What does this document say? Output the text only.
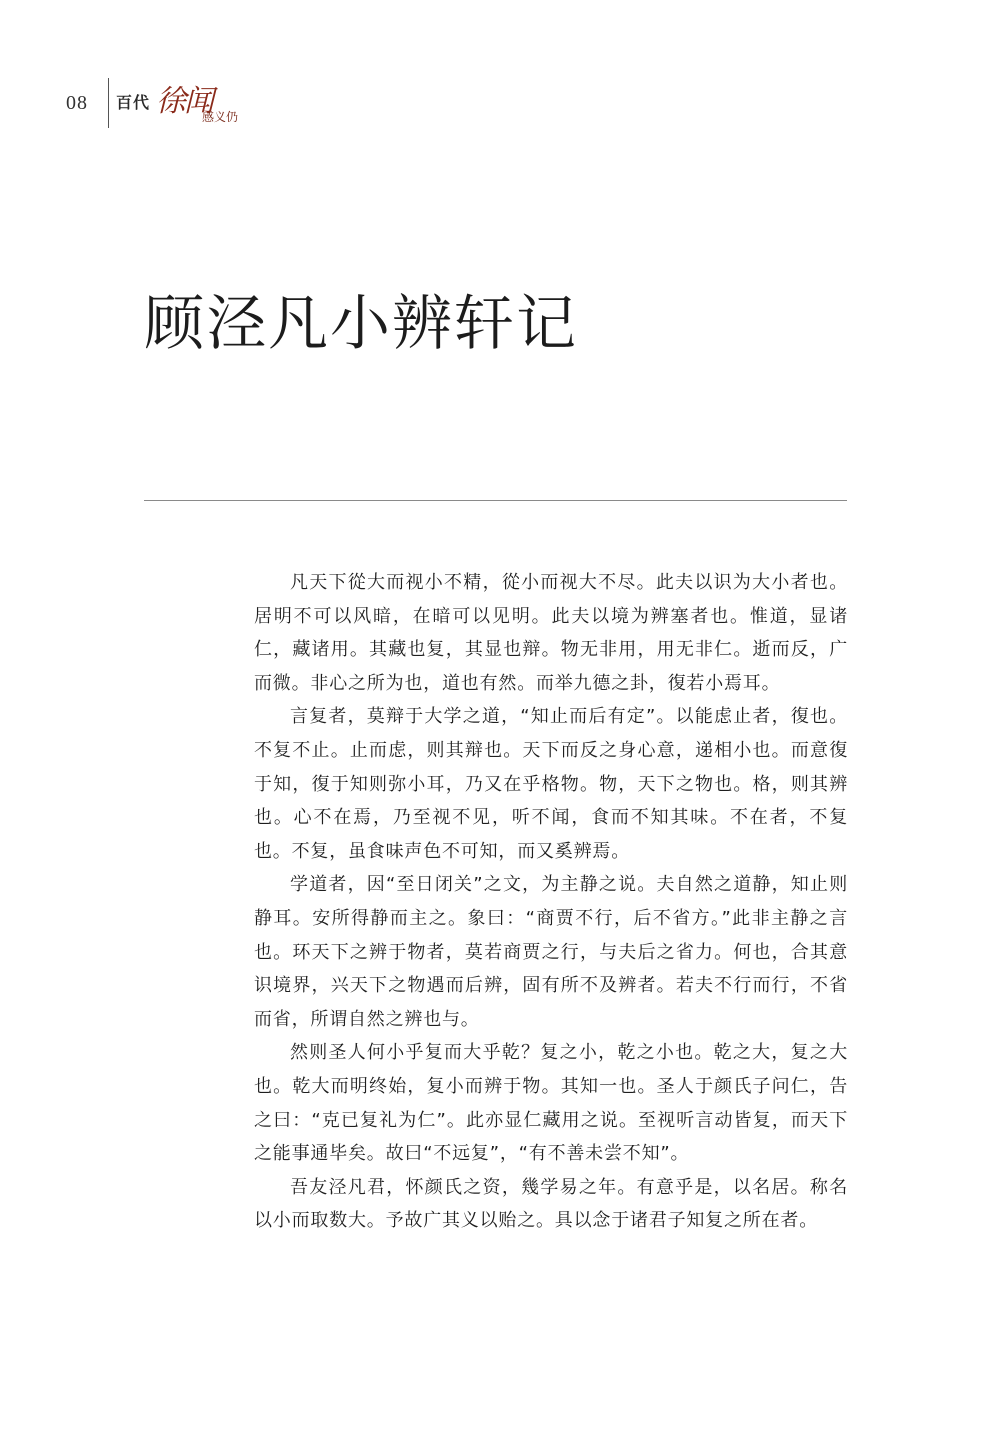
08 百代 徐闻
感义仍
顾泾凡小辨轩记

凡天下從大而视小不精，從小而视大不尽。此夫以识为大小者也。居明不可以风暗，在暗可以见明。此夫以境为辨塞者也。惟道，显诸仁，藏诸用。其藏也复，其显也辩。物无非用，用无非仁。逝而反，广而微。非心之所为也，道也有然。而举九德之卦，復若小焉耳。

言复者，莫辩于大学之道，“知止而后有定”。以能虑止者，復也。不复不止。止而虑，则其辩也。天下而反之身心意，递相小也。而意復于知，復于知则弥小耳，乃又在乎格物。物，天下之物也。格，则其辨也。心不在焉，乃至视不见，听不闻，食而不知其味。不在者，不复也。不复，虽食味声色不可知，而又奚辨焉。

学道者，因“至日闭关”之文，为主静之说。夫自然之道静，知止则静耳。安所得静而主之。象曰：“商贾不行，后不省方。”此非主静之言也。环天下之辨于物者，莫若商贾之行，与夫后之省力。何也，合其意识境界，兴天下之物遇而后辨，固有所不及辨者。若夫不行而行，不省而省，所谓自然之辨也与。

然则圣人何小乎复而大乎乾？复之小，乾之小也。乾之大，复之大也。乾大而明终始，复小而辨于物。其知一也。圣人于颜氏子问仁，告之曰：“克已复礼为仁”。此亦显仁藏用之说。至视听言动皆复，而天下之能事通毕矣。故曰“不远复”，“有不善未尝不知”。

吾友泾凡君，怀颜氏之资，幾学易之年。有意乎是，以名居。称名以小而取数大。予故广其义以贻之。具以念于诸君子知复之所在者。
